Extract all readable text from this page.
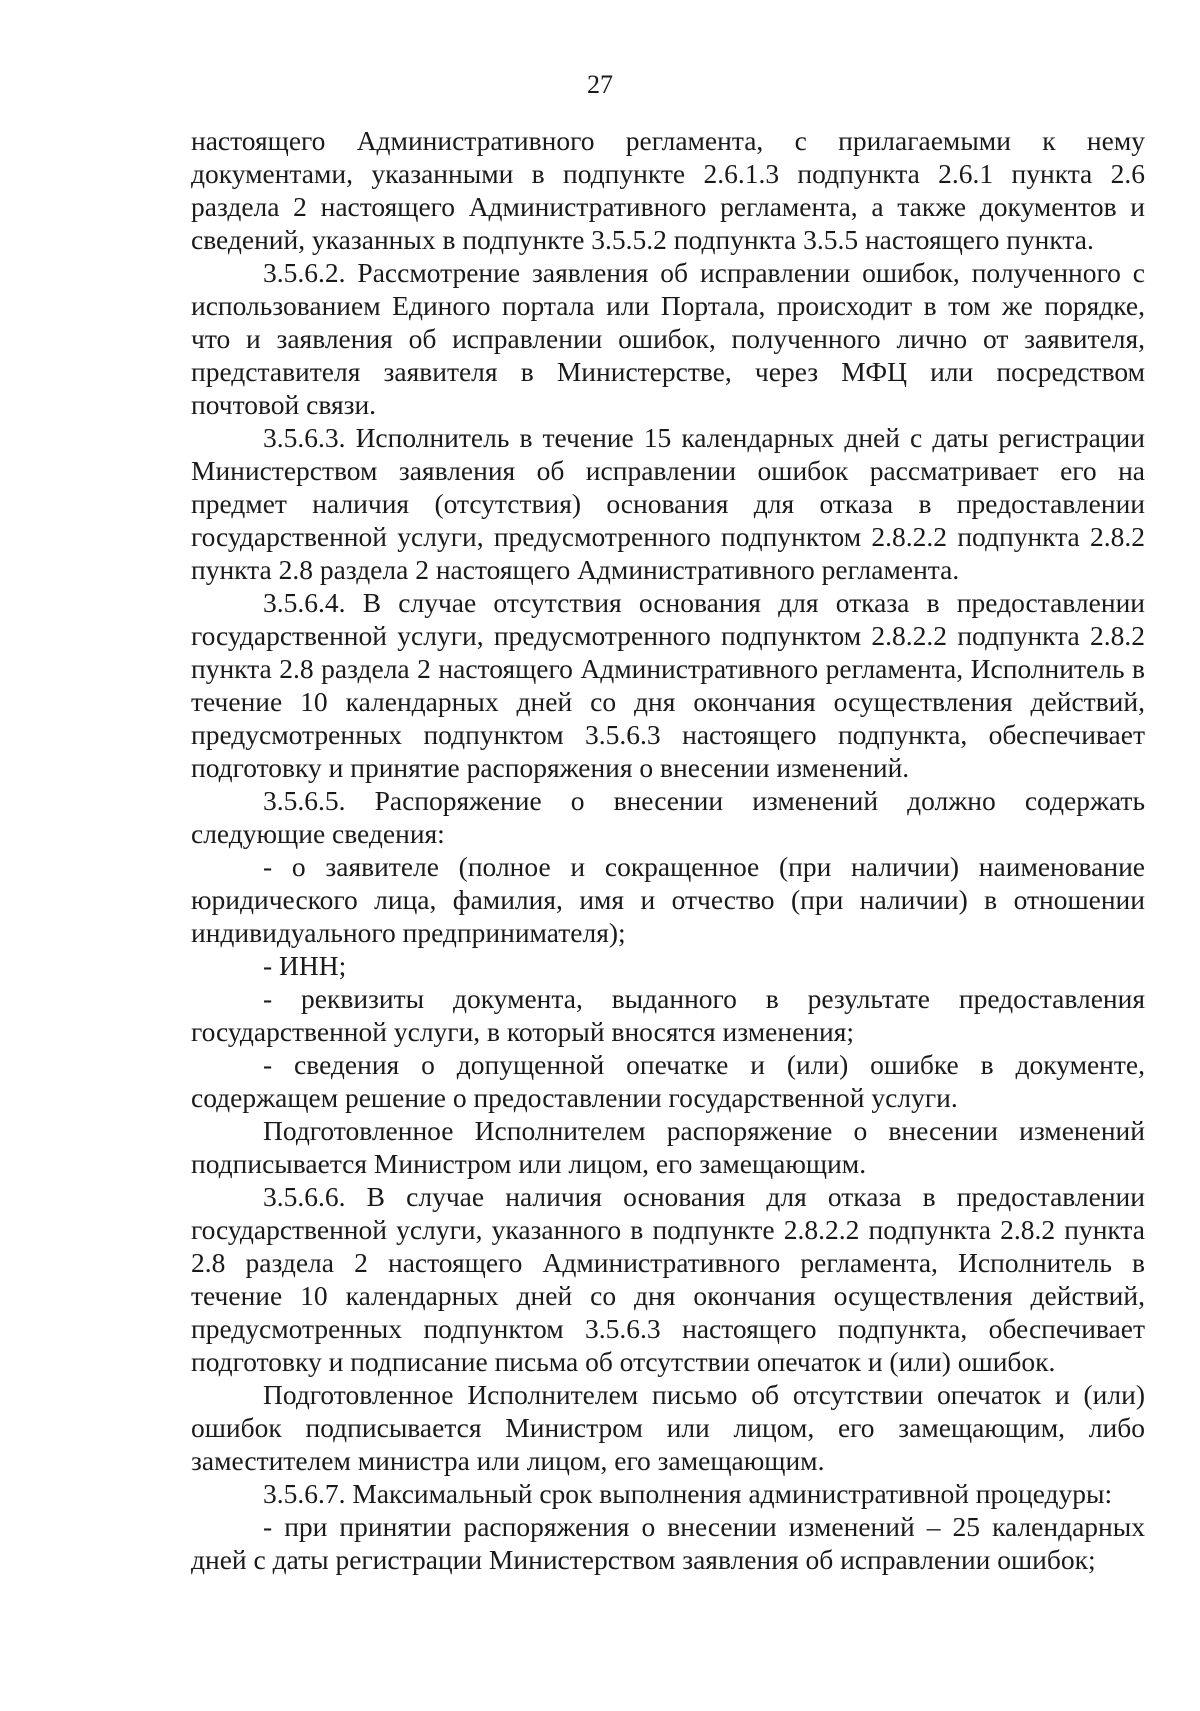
27

настоящего Административного регламента, с прилагаемыми к нему документами, указанными в подпункте 2.6.1.3 подпункта 2.6.1 пункта 2.6 раздела 2 настоящего Административного регламента, а также документов и сведений, указанных в подпункте 3.5.5.2 подпункта 3.5.5 настоящего пункта.

3.5.6.2. Рассмотрение заявления об исправлении ошибок, полученного с использованием Единого портала или Портала, происходит в том же порядке, что и заявления об исправлении ошибок, полученного лично от заявителя, представителя заявителя в Министерстве, через МФЦ или посредством почтовой связи.

3.5.6.3. Исполнитель в течение 15 календарных дней с даты регистрации Министерством заявления об исправлении ошибок рассматривает его на предмет наличия (отсутствия) основания для отказа в предоставлении государственной услуги, предусмотренного подпунктом 2.8.2.2 подпункта 2.8.2 пункта 2.8 раздела 2 настоящего Административного регламента.

3.5.6.4. В случае отсутствия основания для отказа в предоставлении государственной услуги, предусмотренного подпунктом 2.8.2.2 подпункта 2.8.2 пункта 2.8 раздела 2 настоящего Административного регламента, Исполнитель в течение 10 календарных дней со дня окончания осуществления действий, предусмотренных подпунктом 3.5.6.3 настоящего подпункта, обеспечивает подготовку и принятие распоряжения о внесении изменений.

3.5.6.5. Распоряжение о внесении изменений должно содержать следующие сведения:

- о заявителе (полное и сокращенное (при наличии) наименование юридического лица, фамилия, имя и отчество (при наличии) в отношении индивидуального предпринимателя);

- ИНН;

- реквизиты документа, выданного в результате предоставления государственной услуги, в который вносятся изменения;

- сведения о допущенной опечатке и (или) ошибке в документе, содержащем решение о предоставлении государственной услуги.

Подготовленное Исполнителем распоряжение о внесении изменений подписывается Министром или лицом, его замещающим.

3.5.6.6. В случае наличия основания для отказа в предоставлении государственной услуги, указанного в подпункте 2.8.2.2 подпункта 2.8.2 пункта 2.8 раздела 2 настоящего Административного регламента, Исполнитель в течение 10 календарных дней со дня окончания осуществления действий, предусмотренных подпунктом 3.5.6.3 настоящего подпункта, обеспечивает подготовку и подписание письма об отсутствии опечаток и (или) ошибок.

Подготовленное Исполнителем письмо об отсутствии опечаток и (или) ошибок подписывается Министром или лицом, его замещающим, либо заместителем министра или лицом, его замещающим.

3.5.6.7. Максимальный срок выполнения административной процедуры:

- при принятии распоряжения о внесении изменений – 25 календарных дней с даты регистрации Министерством заявления об исправлении ошибок;
